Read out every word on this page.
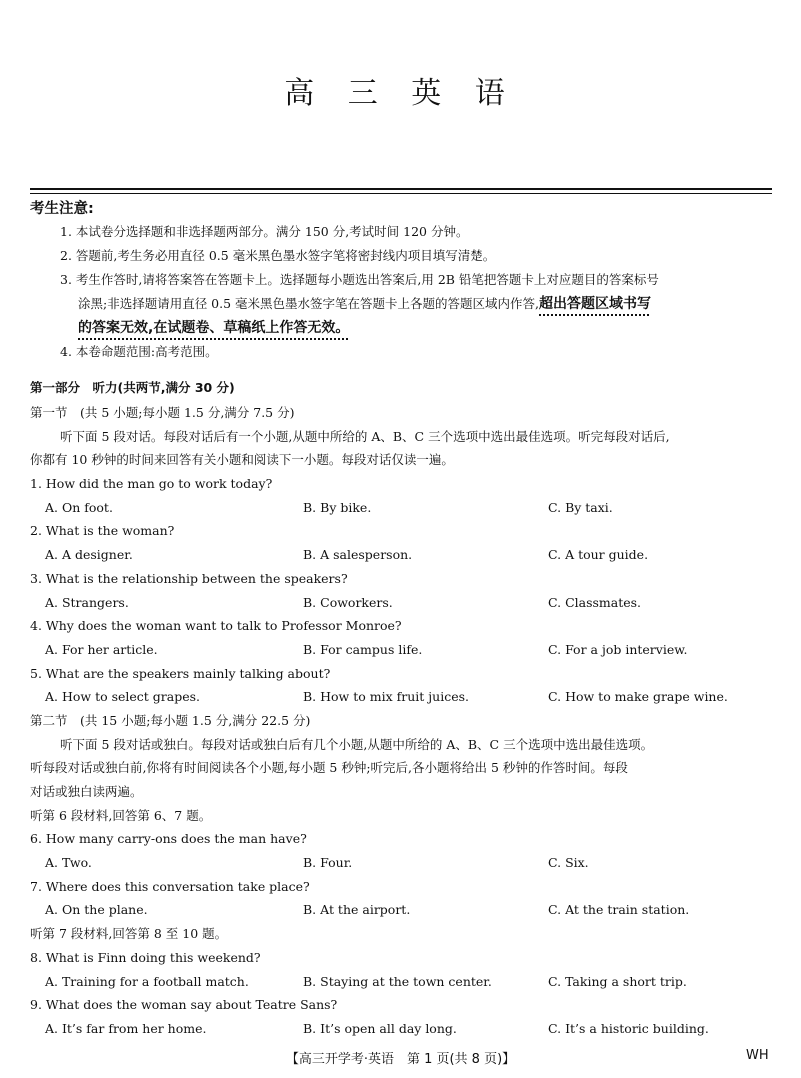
高 三 英 语
考生注意:
1. 本试卷分选择题和非选择题两部分。满分 150 分,考试时间 120 分钟。
2. 答题前,考生务必用直径 0.5 毫米黑色墨水签字笔将密封线内项目填写清楚。
3. 考生作答时,请将答案答在答题卡上。选择题每小题选出答案后,用 2B 铅笔把答题卡上对应题目的答案标号
涂黑;非选择题请用直径 0.5 毫米黑色墨水签字笔在答题卡上各题的答题区域内作答,超出答题区域书写
的答案无效,在试题卷、草稿纸上作答无效。
4. 本卷命题范围:高考范围。
第一部分　听力(共两节,满分 30 分)
第一节　(共 5 小题;每小题 1.5 分,满分 7.5 分)
听下面 5 段对话。每段对话后有一个小题,从题中所给的 A、B、C 三个选项中选出最佳选项。听完每段对话后,
你都有 10 秒钟的时间来回答有关小题和阅读下一小题。每段对话仅读一遍。
1. How did the man go to work today?
A. On foot.	B. By bike.	C. By taxi.
2. What is the woman?
A. A designer.	B. A salesperson.	C. A tour guide.
3. What is the relationship between the speakers?
A. Strangers.	B. Coworkers.	C. Classmates.
4. Why does the woman want to talk to Professor Monroe?
A. For her article.	B. For campus life.	C. For a job interview.
5. What are the speakers mainly talking about?
A. How to select grapes.	B. How to mix fruit juices.	C. How to make grape wine.
第二节　(共 15 小题;每小题 1.5 分,满分 22.5 分)
听下面 5 段对话或独白。每段对话或独白后有几个小题,从题中所给的 A、B、C 三个选项中选出最佳选项。
听每段对话或独白前,你将有时间阅读各个小题,每小题 5 秒钟;听完后,各小题将给出 5 秒钟的作答时间。每段
对话或独白读两遍。
听第 6 段材料,回答第 6、7 题。
6. How many carry-ons does the man have?
A. Two.	B. Four.	C. Six.
7. Where does this conversation take place?
A. On the plane.	B. At the airport.	C. At the train station.
听第 7 段材料,回答第 8 至 10 题。
8. What is Finn doing this weekend?
A. Training for a football match.	B. Staying at the town center.	C. Taking a short trip.
9. What does the woman say about Teatre Sans?
A. It’s far from her home.	B. It’s open all day long.	C. It’s a historic building.
【高三开学考·英语　第 1 页(共 8 页)】	WH
